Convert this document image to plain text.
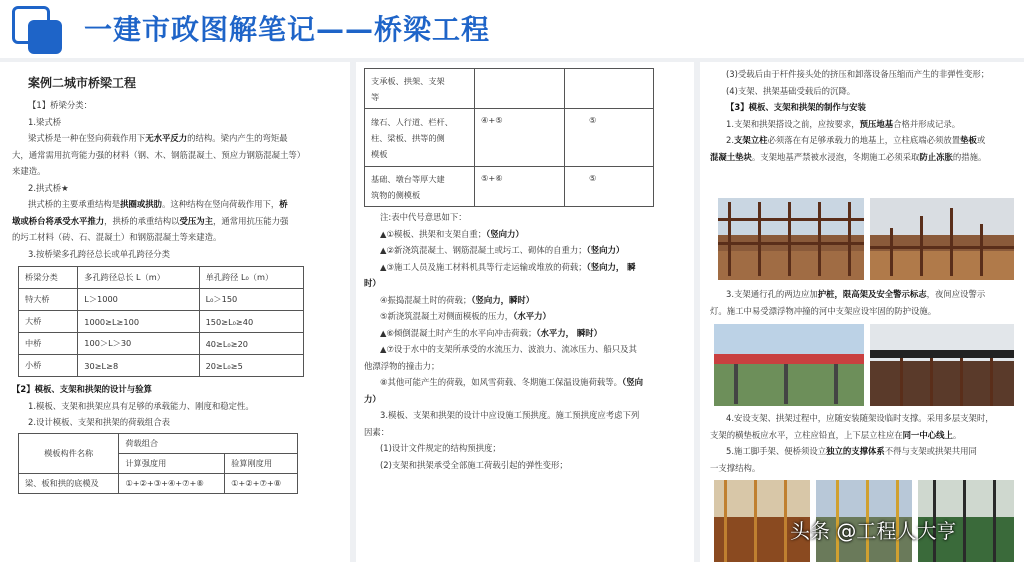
一建市政图解笔记——桥梁工程
案例二城市桥梁工程
【1】桥梁分类：
1.梁式桥
梁式桥是一种在竖向荷载作用下无水平反力的结构。梁内产生的弯矩最
大，通常需用抗弯能力强的材料（钢、木、钢筋混凝土、预应力钢筋混凝土等）
来建造。
2.拱式桥★
拱式桥的主要承重结构是拱圈或拱肋。这种结构在竖向荷载作用下，桥
墩或桥台将承受水平推力，拱桥的承重结构以受压为主，通常用抗压能力强
的圬工材料（砖、石、混凝土）和钢筋混凝土等来建造。
3.按桥梁多孔跨径总长或单孔跨径分类
桥梁分类	多孔跨径总长 L（m）	单孔跨径 L₀（m）
特大桥	L＞1000	L₀＞150
大桥	1000≥L≥100	150≥L₀≥40
中桥	100＞L＞30	40≥L₀≥20
小桥	30≥L≥8	20≥L₀≥5
【2】模板、支架和拱架的设计与验算
1.模板、支架和拱架应具有足够的承载能力、刚度和稳定性。
2.设计模板、支架和拱架的荷载组合表
模板构件名称	荷载组合	
	计算强度用	验算刚度用
梁、板和拱的底模及	①+②+③+④+⑦+⑧	①+②+⑦+⑧
支承板、拱架、支架
等		

缘石、人行道、栏杆、
柱、梁板、拱等的侧
模板	④+⑤	⑤

基础、墩台等厚大建
筑物的侧模板	⑤+⑥	⑤
注:表中代号意思如下：
▲①模板、拱架和支架自重；（竖向力）
▲②新浇筑混凝土、钢筋混凝土或圬工、砌体的自重力；（竖向力）
▲③施工人员及施工材料机具等行走运输或堆放的荷载；（竖向力， 瞬
时）
④振捣混凝土时的荷载；（竖向力，瞬时）
⑤新浇筑混凝土对侧面模板的压力，（水平力）
▲⑥倾倒混凝土时产生的水平向冲击荷载；（水平力， 瞬时）
▲⑦设于水中的支架所承受的水流压力、波浪力、流冰压力、船只及其
他漂浮物的撞击力；
⑧其他可能产生的荷载，如风雪荷载、冬期施工保温设施荷载等。（竖向
力）
3.模板、支架和拱架的设计中应设施工预拱度。施工预拱度应考虑下列
因素：
(1)设计文件规定的结构预拱度；
(2)支架和拱架承受全部施工荷载引起的弹性变形；
(3)受载后由于杆件接头处的挤压和卸落设备压缩而产生的非弹性变形；
(4)支架、拱架基础受载后的沉降。
【3】模板、支架和拱架的制作与安装
1.支架和拱架搭设之前，应按要求，预压地基合格并形成记录。
2.支架立柱必须落在有足够承载力的地基上，立柱底端必须放置垫板或
混凝土垫块。支架地基严禁被水浸泡，冬期施工必须采取防止冻胀的措施。
3.支架通行孔的两边应加护桩，限高架及安全警示标志，夜间应设警示
灯。施工中易受漂浮物冲撞的河中支架应设牢固的防护设施。
4.安设支架、拱架过程中，应随安装随架设临时支撑。采用多层支架时，
支架的横垫板应水平，立柱应铅直，上下层立柱应在同一中心线上。
5.施工脚手架、便桥须设立独立的支撑体系不得与支架或拱架共用同
一支撑结构。
头条 @工程人大亨
